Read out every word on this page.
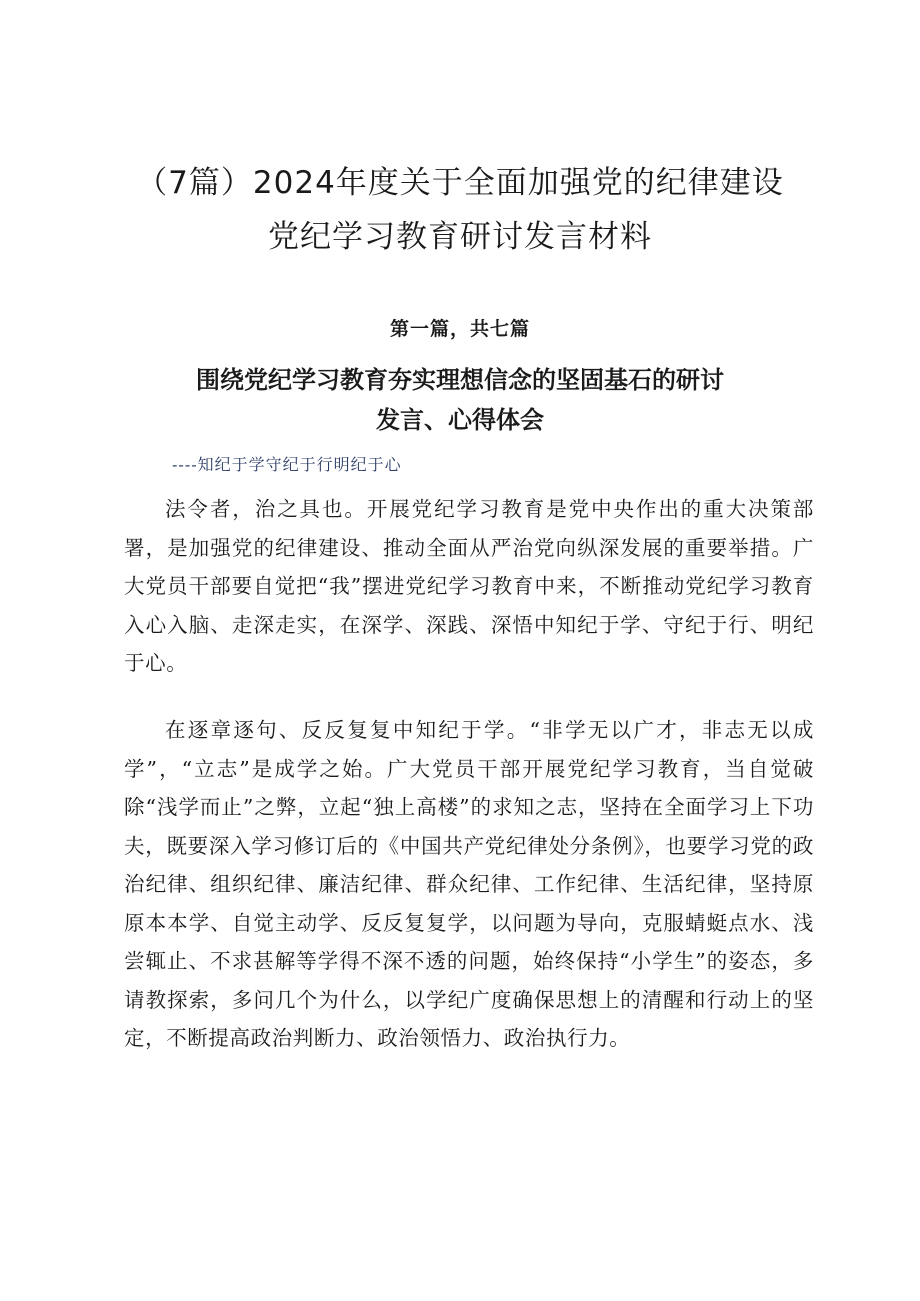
（7篇）2024年度关于全面加强党的纪律建设
党纪学习教育研讨发言材料

第一篇，共七篇

围绕党纪学习教育夯实理想信念的坚固基石的研讨
发言、心得体会

----知纪于学守纪于行明纪于心

法令者，治之具也。开展党纪学习教育是党中央作出的重大决策部署，是加强党的纪律建设、推动全面从严治党向纵深发展的重要举措。广大党员干部要自觉把“我”摆进党纪学习教育中来，不断推动党纪学习教育入心入脑、走深走实，在深学、深践、深悟中知纪于学、守纪于行、明纪于心。

在逐章逐句、反反复复中知纪于学。“非学无以广才，非志无以成学”，“立志”是成学之始。广大党员干部开展党纪学习教育，当自觉破除“浅学而止”之弊，立起“独上高楼”的求知之志，坚持在全面学习上下功夫，既要深入学习修订后的《中国共产党纪律处分条例》，也要学习党的政治纪律、组织纪律、廉洁纪律、群众纪律、工作纪律、生活纪律，坚持原原本本学、自觉主动学、反反复复学，以问题为导向，克服蜻蜓点水、浅尝辄止、不求甚解等学得不深不透的问题，始终保持“小学生”的姿态，多请教探索，多问几个为什么，以学纪广度确保思想上的清醒和行动上的坚定，不断提高政治判断力、政治领悟力、政治执行力。
